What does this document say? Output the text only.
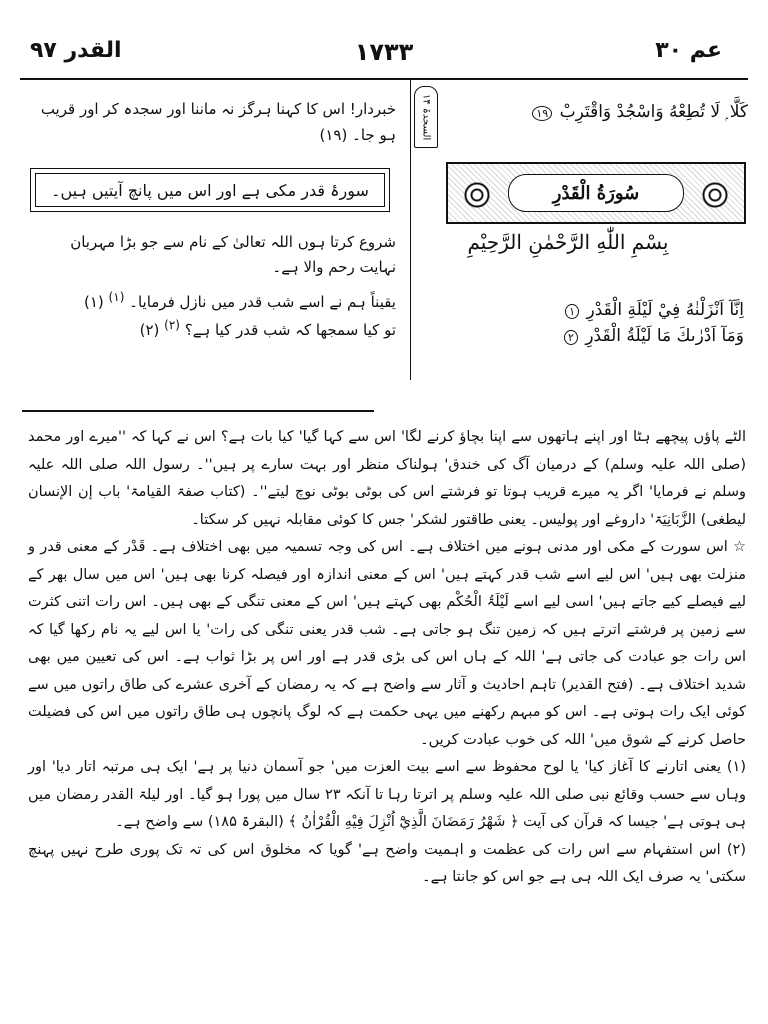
عم ۳۰
۱۷۳۳
القدر ۹۷
السجدۃ ۱۴	كَلَّا ۭ لَا تُطِعْهُ وَاسْجُدْ وَاقْتَرِبْ ۱۹
سُورَةُ الْقَدْرِ
بِسْمِ اللّٰهِ الرَّحْمٰنِ الرَّحِيْمِ
اِنَّآ اَنْزَلْنٰهُ فِيْ لَيْلَةِ الْقَدْرِ ۱
وَمَآ اَدْرٰىكَ مَا لَيْلَةُ الْقَدْرِ ۲
خبردار! اس کا کہنا ہرگز نہ ماننا اور سجدہ کر اور قریب ہو جا۔ (۱۹)
سورۂ قدر مکی ہے اور اس میں پانچ آیتیں ہیں۔
شروع کرتا ہوں اللہ تعالیٰ کے نام سے جو بڑا مہربان نہایت رحم والا ہے۔
یقیناً ہم نے اسے شب قدر میں نازل فرمایا۔ $^{(۱)}$ (۱)
تو کیا سمجھا کہ شب قدر کیا ہے؟ $^{(۲)}$ (۲)

الٹے پاؤں پیچھے ہٹا اور اپنے ہاتھوں سے اپنا بچاؤ کرنے لگا' اس سے کہا گیا' کیا بات ہے؟ اس نے کہا کہ ''میرے اور محمد (صلی اللہ علیہ وسلم) کے درمیان آگ کی خندق' ہولناک منظر اور بہت سارے پر ہیں''۔ رسول اللہ صلی اللہ علیہ وسلم نے فرمایا' اگر یہ میرے قریب ہوتا تو فرشتے اس کی بوٹی بوٹی نوچ لیتے''۔ (کتاب صفۃ القیامۃ' باب إن الإنسان لیطغی) الزَّبَانِیَۃ' داروغے اور پولیس۔ یعنی طاقتور لشکر' جس کا کوئی مقابلہ نہیں کر سکتا۔

☆ اس سورت کے مکی اور مدنی ہونے میں اختلاف ہے۔ اس کی وجہ تسمیہ میں بھی اختلاف ہے۔ قَدْر کے معنی قدر و منزلت بھی ہیں' اس لیے اسے شب قدر کہتے ہیں' اس کے معنی اندازہ اور فیصلہ کرنا بھی ہیں' اس میں سال بھر کے لیے فیصلے کیے جاتے ہیں' اسی لیے اسے لَیْلَۃُ الْحُکْم بھی کہتے ہیں' اس کے معنی تنگی کے بھی ہیں۔ اس رات اتنی کثرت سے زمین پر فرشتے اترتے ہیں کہ زمین تنگ ہو جاتی ہے۔ شب قدر یعنی تنگی کی رات' یا اس لیے یہ نام رکھا گیا کہ اس رات جو عبادت کی جاتی ہے' اللہ کے ہاں اس کی بڑی قدر ہے اور اس پر بڑا ثواب ہے۔ اس کی تعیین میں بھی شدید اختلاف ہے۔ (فتح القدیر) تاہم احادیث و آثار سے واضح ہے کہ یہ رمضان کے آخری عشرے کی طاق راتوں میں سے کوئی ایک رات ہوتی ہے۔ اس کو مبہم رکھنے میں یہی حکمت ہے کہ لوگ پانچوں ہی طاق راتوں میں اس کی فضیلت حاصل کرنے کے شوق میں' اللہ کی خوب عبادت کریں۔

(۱) یعنی اتارنے کا آغاز کیا' یا لوح محفوظ سے اسے بیت العزت میں' جو آسمان دنیا پر ہے' ایک ہی مرتبہ اتار دیا' اور وہاں سے حسب وقائع نبی صلی اللہ علیہ وسلم پر اترتا رہا تا آنکہ ۲۳ سال میں پورا ہو گیا۔ اور لیلۃ القدر رمضان میں ہی ہوتی ہے' جیسا کہ قرآن کی آیت ﴿ شَهْرُ رَمَضَانَ الَّذِيْٓ اُنْزِلَ فِيْهِ الْقُرْاٰنُ ﴾ (البقرۃ ۱۸۵) سے واضح ہے۔

(۲) اس استفہام سے اس رات کی عظمت و اہمیت واضح ہے' گویا کہ مخلوق اس کی تہ تک پوری طرح نہیں پہنچ سکتی' یہ صرف ایک اللہ ہی ہے جو اس کو جانتا ہے۔
